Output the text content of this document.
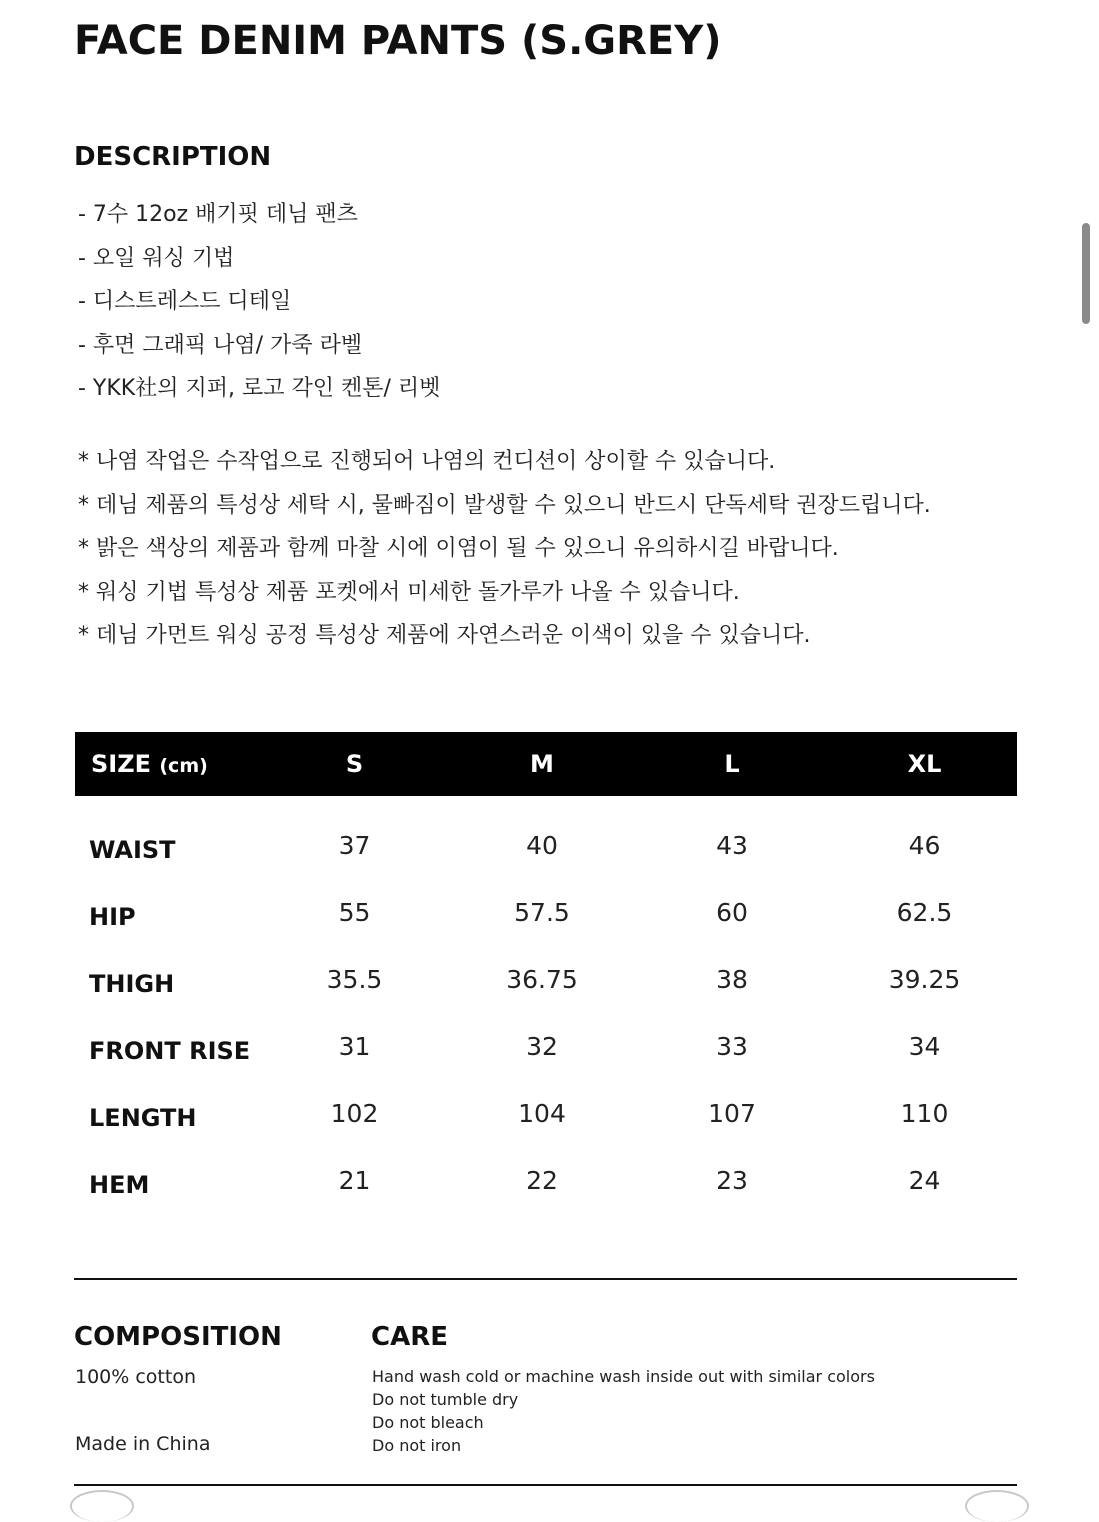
FACE DENIM PANTS (S.GREY)
DESCRIPTION
- 7수 12oz 배기핏 데님 팬츠
- 오일 워싱 기법
- 디스트레스드 디테일
- 후면 그래픽 나염/ 가죽 라벨
- YKK社의 지퍼, 로고 각인 켄톤/ 리벳
* 나염 작업은 수작업으로 진행되어 나염의 컨디션이 상이할 수 있습니다.
* 데님 제품의 특성상 세탁 시, 물빠짐이 발생할 수 있으니 반드시 단독세탁 권장드립니다.
* 밝은 색상의 제품과 함께 마찰 시에 이염이 될 수 있으니 유의하시길 바랍니다.
* 워싱 기법 특성상 제품 포켓에서 미세한 돌가루가 나올 수 있습니다.
* 데님 가먼트 워싱 공정 특성상 제품에 자연스러운 이색이 있을 수 있습니다.
SIZE (cm)	S	M	L	XL

WAIST	37	40	43	46
HIP	55	57.5	60	62.5
THIGH	35.5	36.75	38	39.25
FRONT RISE	31	32	33	34
LENGTH	102	104	107	110
HEM	21	22	23	24
COMPOSITION

100% cotton

Made in China

CARE
Hand wash cold or machine wash inside out with similar colors
Do not tumble dry
Do not bleach
Do not iron
